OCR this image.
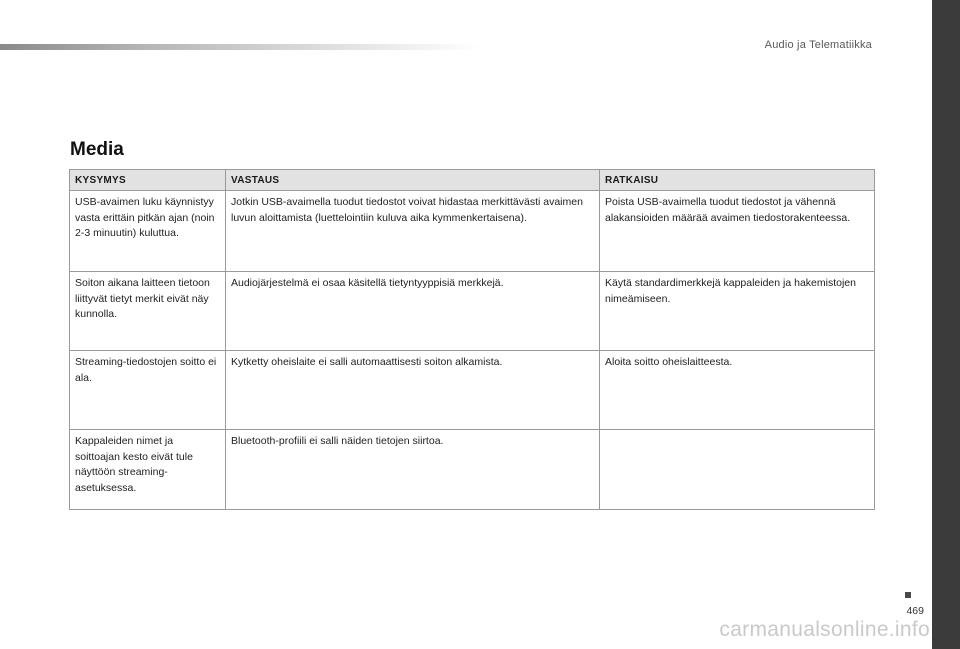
Audio ja Telematiikka
Media
KYSYMYS	VASTAUS	RATKAISU
USB-avaimen luku käynnistyy vasta erittäin pitkän ajan (noin 2-3 minuutin) kuluttua.	Jotkin USB-avaimella tuodut tiedostot voivat hidastaa merkittävästi avaimen luvun aloittamista (luettelointiin kuluva aika kymmenkertaisena).	Poista USB-avaimella tuodut tiedostot ja vähennä alakansioiden määrää avaimen tiedostorakenteessa.
Soiton aikana laitteen tietoon liittyvät tietyt merkit eivät näy kunnolla.	Audiojärjestelmä ei osaa käsitellä tietyntyyppisiä merkkejä.	Käytä standardimerkkejä kappaleiden ja hakemistojen nimeämiseen.
Streaming-tiedostojen soitto ei ala.	Kytketty oheislaite ei salli automaattisesti soiton alkamista.	Aloita soitto oheislaitteesta.
Kappaleiden nimet ja soittoajan kesto eivät tule näyttöön streaming-asetuksessa.	Bluetooth-profiili ei salli näiden tietojen siirtoa.	
469
carmanualsonline.info
